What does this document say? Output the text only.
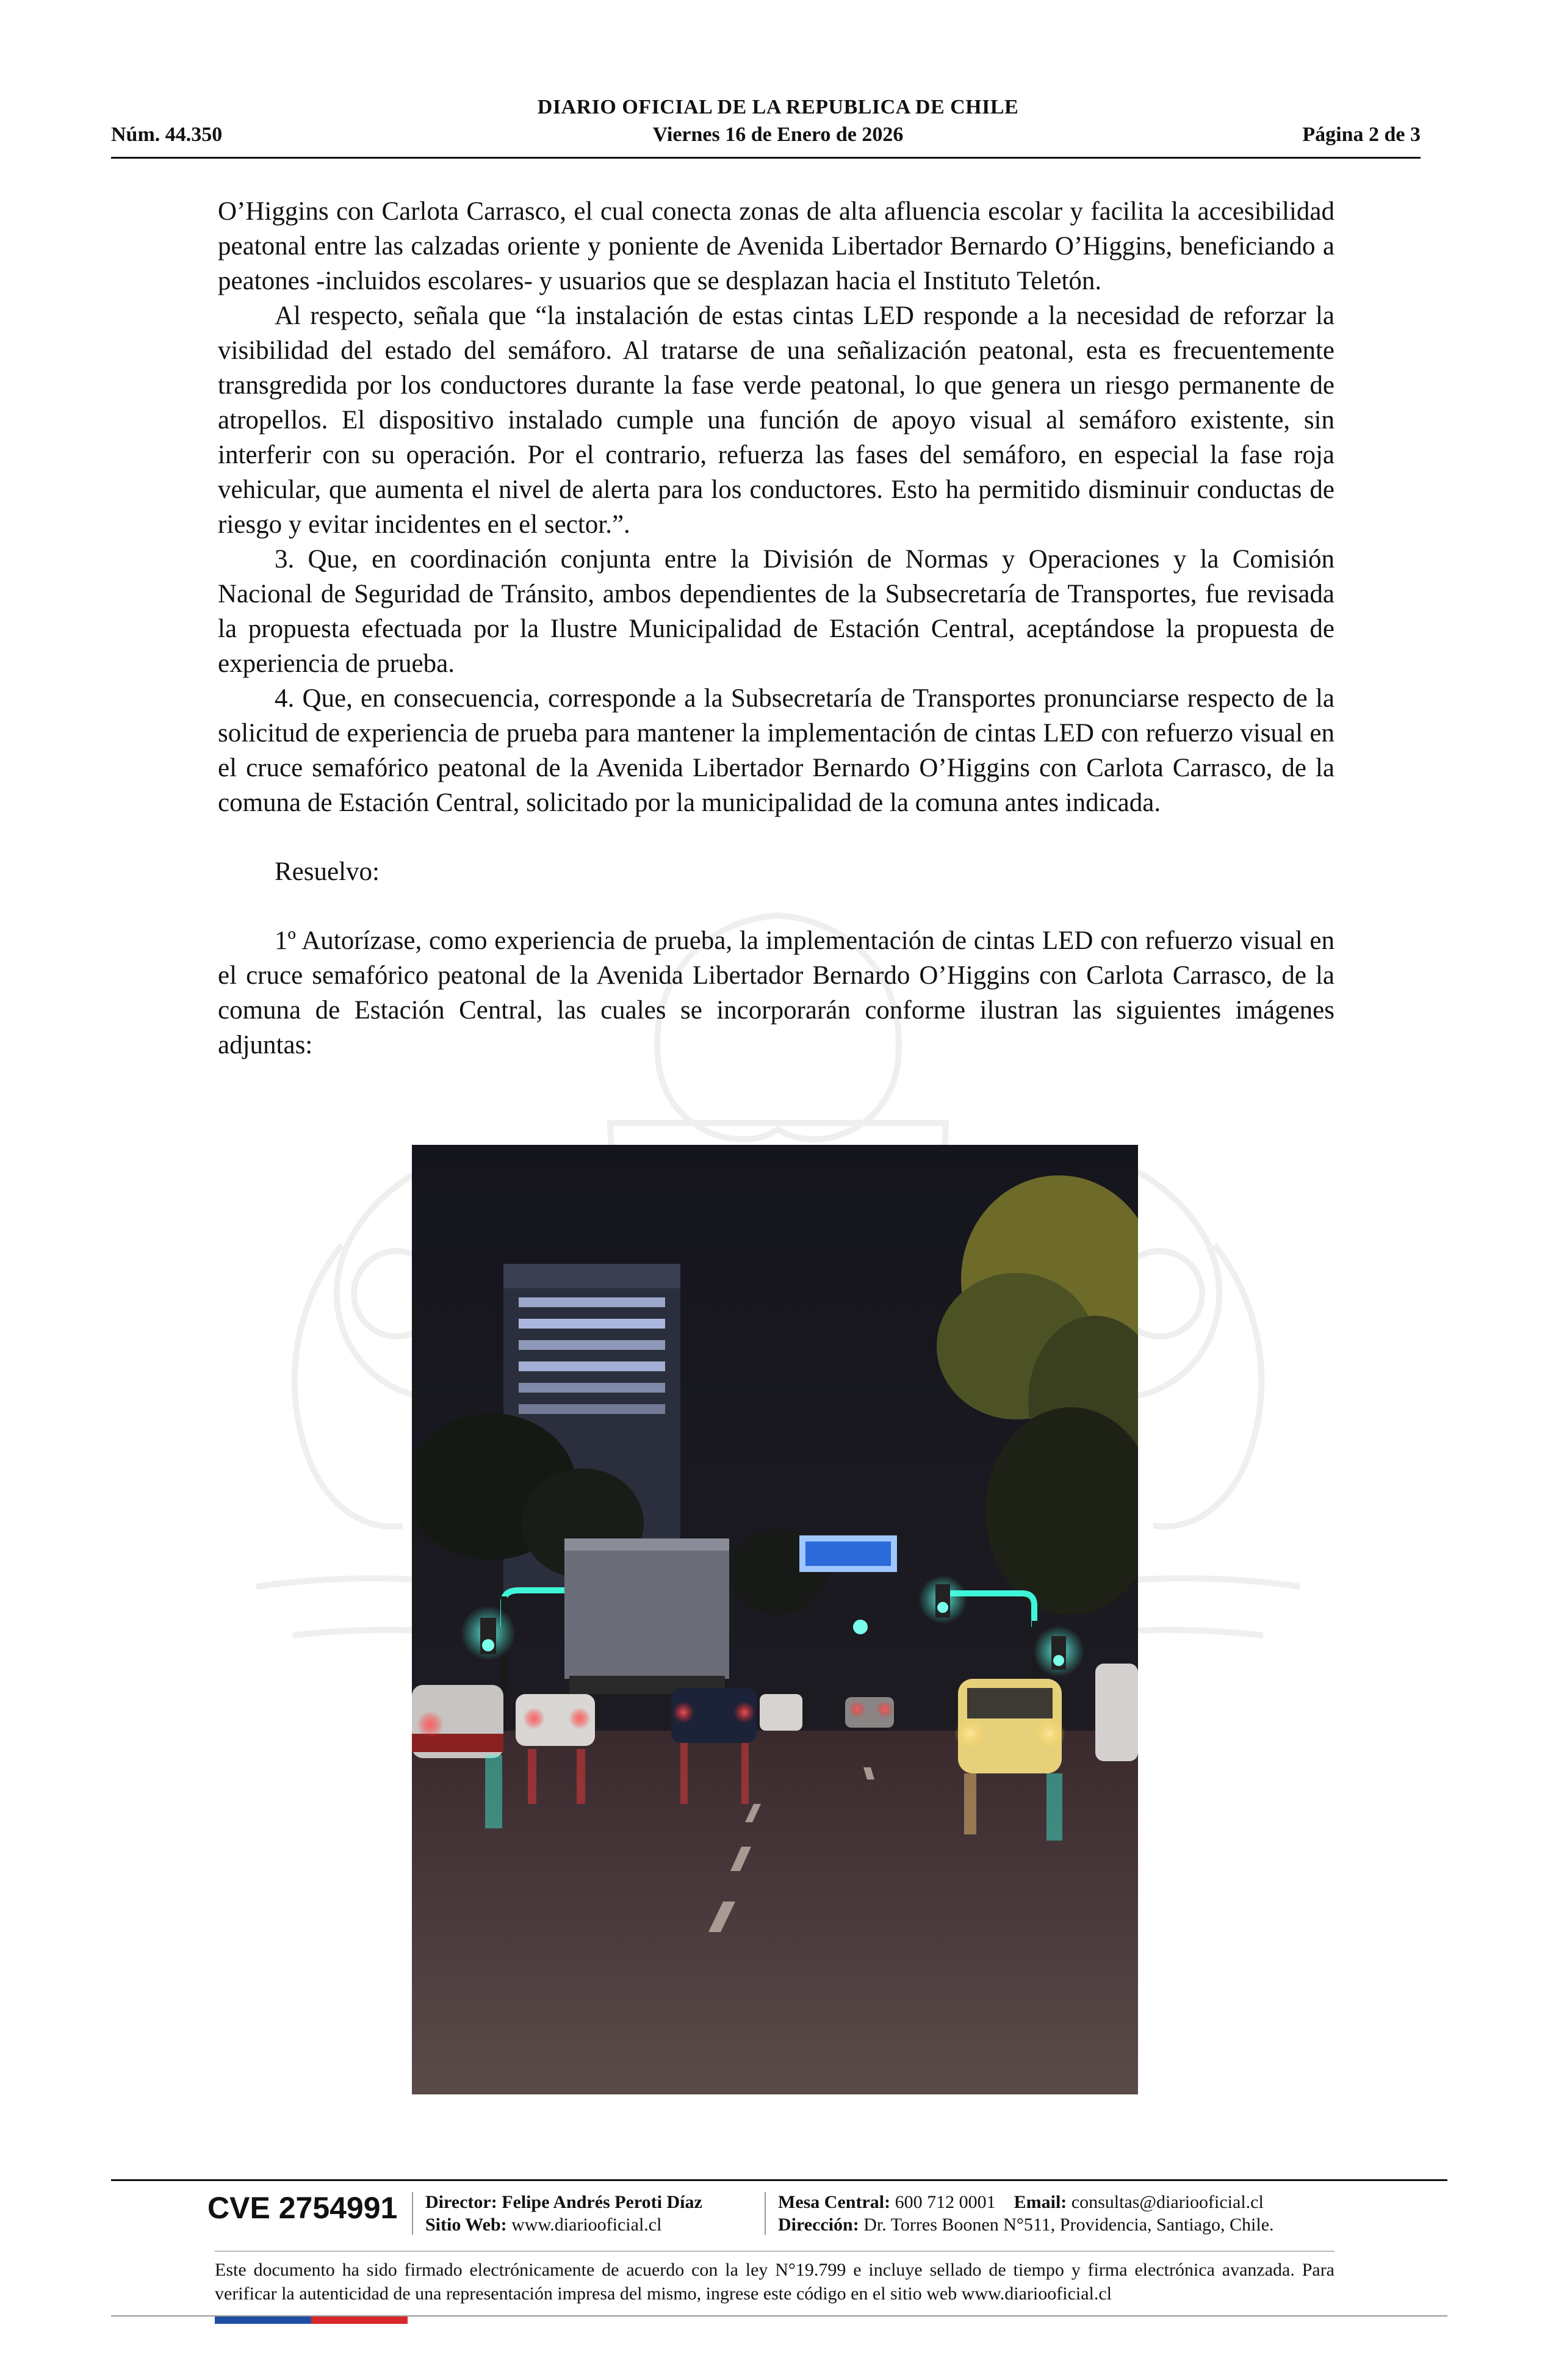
DIARIO OFICIAL DE LA REPUBLICA DE CHILE
Núm. 44.350	Viernes 16 de Enero de 2026	Página 2 de 3

O’Higgins con Carlota Carrasco, el cual conecta zonas de alta afluencia escolar y facilita la accesibilidad peatonal entre las calzadas oriente y poniente de Avenida Libertador Bernardo O’Higgins, beneficiando a peatones -incluidos escolares- y usuarios que se desplazan hacia el Instituto Teletón.

Al respecto, señala que “la instalación de estas cintas LED responde a la necesidad de reforzar la visibilidad del estado del semáforo. Al tratarse de una señalización peatonal, esta es frecuentemente transgredida por los conductores durante la fase verde peatonal, lo que genera un riesgo permanente de atropellos. El dispositivo instalado cumple una función de apoyo visual al semáforo existente, sin interferir con su operación. Por el contrario, refuerza las fases del semáforo, en especial la fase roja vehicular, que aumenta el nivel de alerta para los conductores. Esto ha permitido disminuir conductas de riesgo y evitar incidentes en el sector.”.

3. Que, en coordinación conjunta entre la División de Normas y Operaciones y la Comisión Nacional de Seguridad de Tránsito, ambos dependientes de la Subsecretaría de Transportes, fue revisada la propuesta efectuada por la Ilustre Municipalidad de Estación Central, aceptándose la propuesta de experiencia de prueba.

4. Que, en consecuencia, corresponde a la Subsecretaría de Transportes pronunciarse respecto de la solicitud de experiencia de prueba para mantener la implementación de cintas LED con refuerzo visual en el cruce semafórico peatonal de la Avenida Libertador Bernardo O’Higgins con Carlota Carrasco, de la comuna de Estación Central, solicitado por la municipalidad de la comuna antes indicada.

Resuelvo:

1º Autorízase, como experiencia de prueba, la implementación de cintas LED con refuerzo visual en el cruce semafórico peatonal de la Avenida Libertador Bernardo O’Higgins con Carlota Carrasco, de la comuna de Estación Central, las cuales se incorporarán conforme ilustran las siguientes imágenes adjuntas:

CVE 2754991 Director: Felipe Andrés Peroti Díaz
Sitio Web: www.diariooficial.cl
Mesa Central: 600 712 0001 Email: consultas@diariooficial.cl
Dirección: Dr. Torres Boonen N°511, Providencia, Santiago, Chile.
Este documento ha sido firmado electrónicamente de acuerdo con la ley N°19.799 e incluye sellado de tiempo y firma electrónica avanzada. Para verificar la autenticidad de una representación impresa del mismo, ingrese este código en el sitio web www.diariooficial.cl
